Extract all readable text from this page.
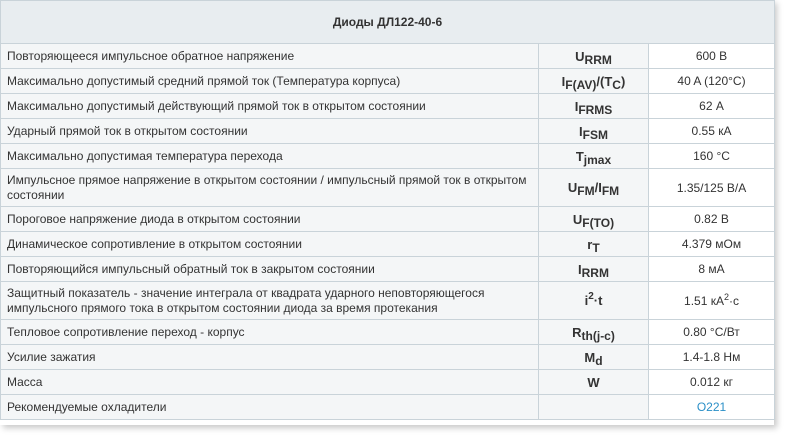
Диоды ДЛ122-40-6		
Повторяющееся импульсное обратное напряжение	URRM	600 В
Максимально допустимый средний прямой ток (Температура корпуса)	IF(AV)/(TC)	40 A (120°C)
Максимально допустимый действующий прямой ток в открытом состоянии	IFRMS	62 А
Ударный прямой ток в открытом состоянии	IFSM	0.55 кА
Максимально допустимая температура перехода	Tjmax	160 °С
Импульсное прямое напряжение в открытом состоянии / импульсный прямой ток в открытом состоянии	UFM/IFM	1.35/125 В/А
Пороговое напряжение диода в открытом состоянии	UF(TO)	0.82 В
Динамическое сопротивление в открытом состоянии	rT	4.379 мОм
Повторяющийся импульсный обратный ток в закрытом состоянии	IRRM	8 мА
Защитный показатель - значение интеграла от квадрата ударного неповторяющегося импульсного прямого тока в открытом состоянии диода за время протекания	$i^2\cdot t$	1.51 $кА^2\cdot с$
Тепловое сопротивление переход - корпус	Rth(j-c)	0.80 °С/Вт
Усилие зажатия	Md	1.4-1.8 Нм
Масса	W	0.012 кг
Рекомендуемые охладители		О221
